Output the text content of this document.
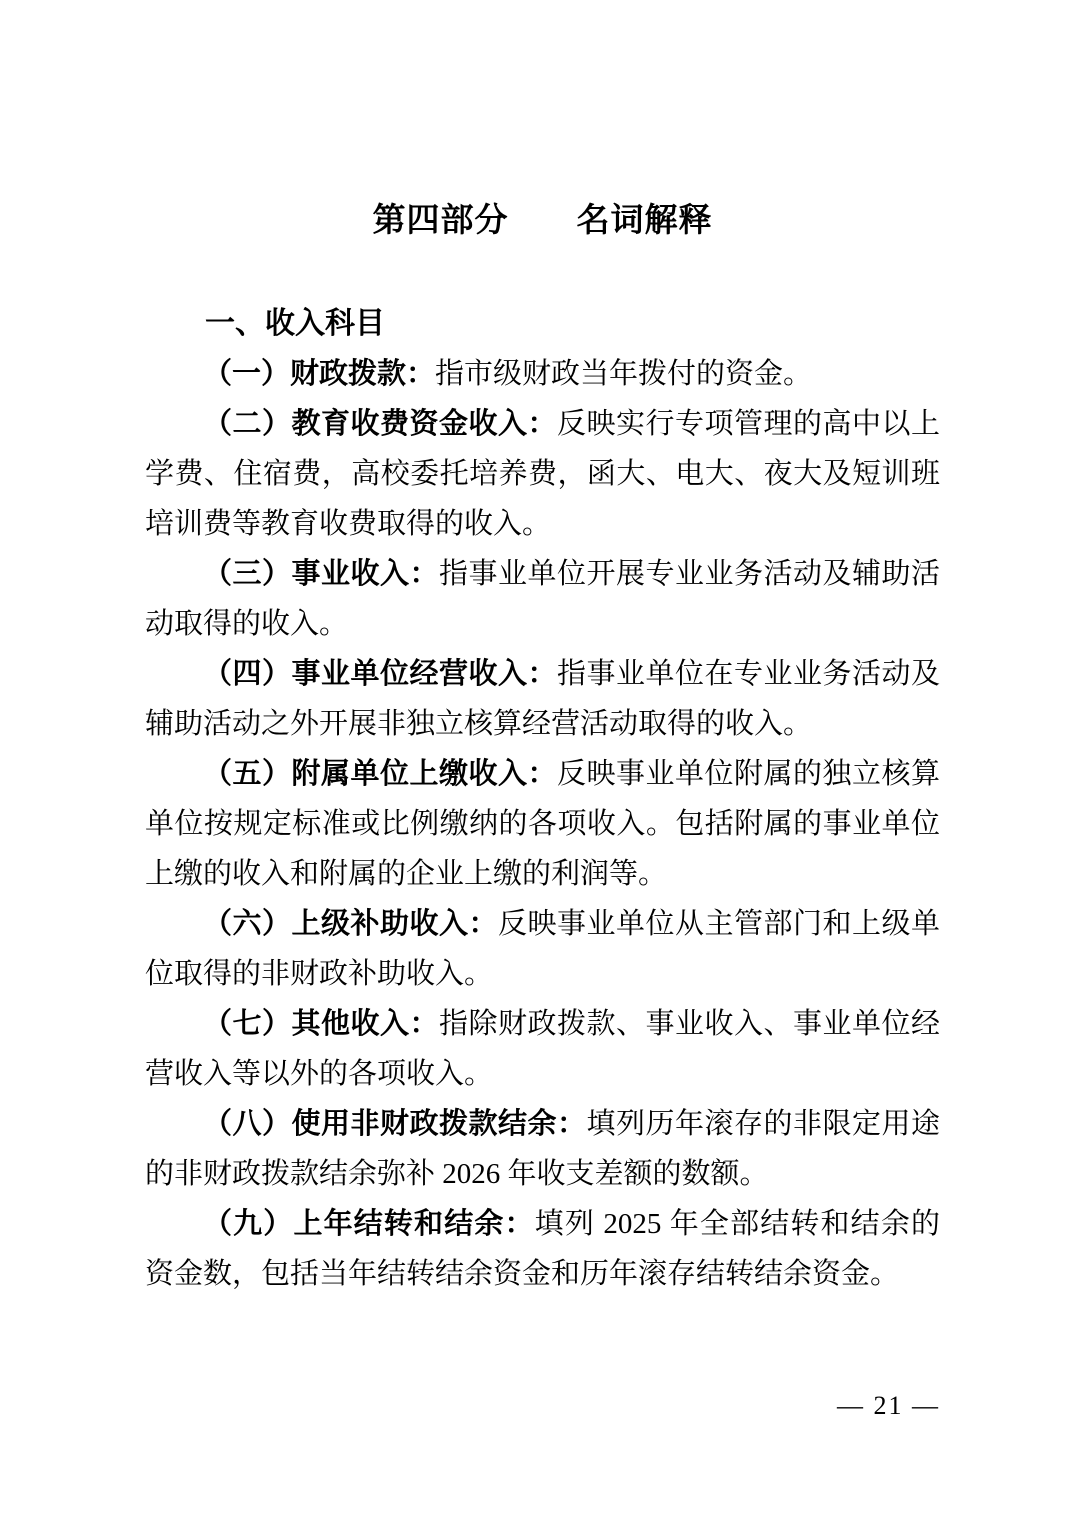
第四部分　　名词解释
一、收入科目

（一）财政拨款：指市级财政当年拨付的资金。

（二）教育收费资金收入：反映实行专项管理的高中以上学费、住宿费，高校委托培养费，函大、电大、夜大及短训班培训费等教育收费取得的收入。

（三）事业收入：指事业单位开展专业业务活动及辅助活动取得的收入。

（四）事业单位经营收入：指事业单位在专业业务活动及辅助活动之外开展非独立核算经营活动取得的收入。

（五）附属单位上缴收入：反映事业单位附属的独立核算单位按规定标准或比例缴纳的各项收入。包括附属的事业单位上缴的收入和附属的企业上缴的利润等。

（六）上级补助收入：反映事业单位从主管部门和上级单位取得的非财政补助收入。

（七）其他收入：指除财政拨款、事业收入、事业单位经营收入等以外的各项收入。

（八）使用非财政拨款结余：填列历年滚存的非限定用途的非财政拨款结余弥补 2026 年收支差额的数额。

（九）上年结转和结余：填列 2025 年全部结转和结余的资金数，包括当年结转结余资金和历年滚存结转结余资金。

— 21 —
